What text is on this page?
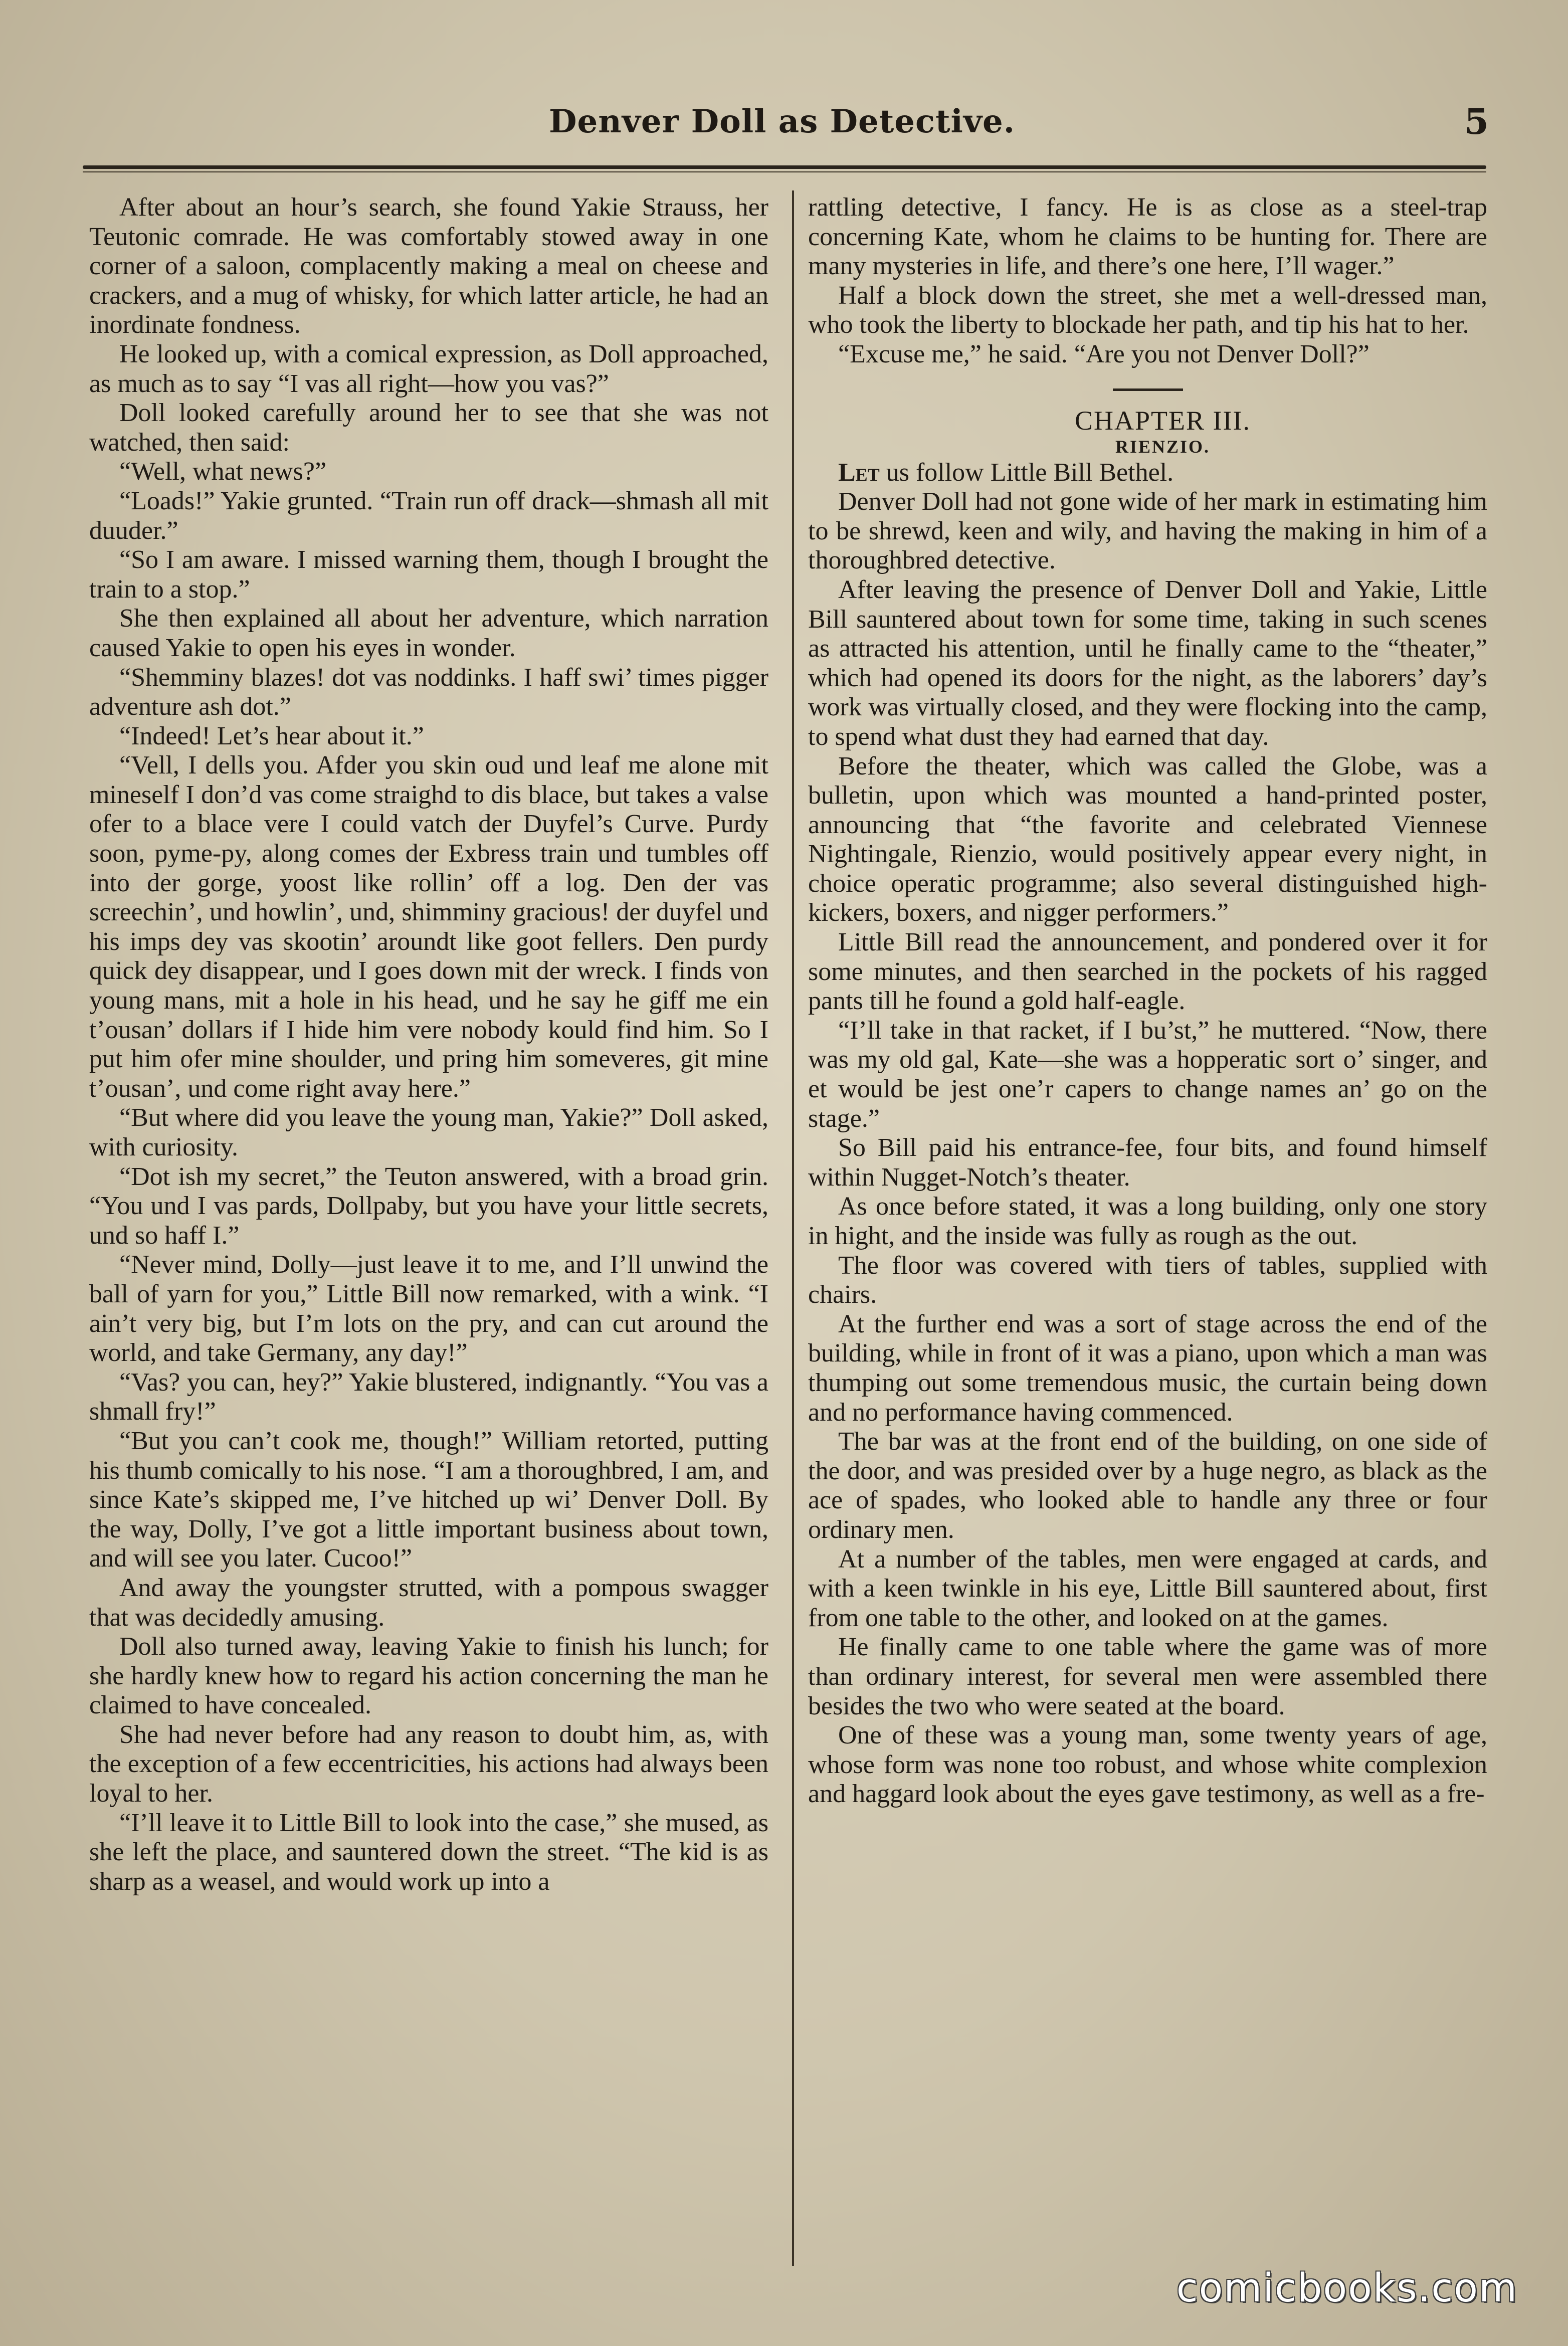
Denver Doll as Detective.	5

After about an hour’s search, she found Yakie Strauss, her Teutonic comrade. He was comfortably stowed away in one corner of a saloon, complacently making a meal on cheese and crackers, and a mug of whisky, for which latter article, he had an inordinate fondness.

He looked up, with a comical expression, as Doll approached, as much as to say “I vas all right—how you vas?”

Doll looked carefully around her to see that she was not watched, then said:

“Well, what news?”

“Loads!” Yakie grunted. “Train run off drack—shmash all mit duuder.”

“So I am aware. I missed warning them, though I brought the train to a stop.”

She then explained all about her adventure, which narration caused Yakie to open his eyes in wonder.

“Shemminy blazes! dot vas noddinks. I haff swi’ times pigger adventure ash dot.”

“Indeed! Let’s hear about it.”

“Vell, I dells you. Afder you skin oud und leaf me alone mit mineself I don’d vas come straighd to dis blace, but takes a valse ofer to a blace vere I could vatch der Duyfel’s Curve. Purdy soon, pyme-py, along comes der Exbress train und tumbles off into der gorge, yoost like rollin’ off a log. Den der vas screechin’, und howlin’, und, shimminy gracious! der duyfel und his imps dey vas skootin’ aroundt like goot fellers. Den purdy quick dey disappear, und I goes down mit der wreck. I finds von young mans, mit a hole in his head, und he say he giff me ein t’ousan’ dollars if I hide him vere nobody kould find him. So I put him ofer mine shoulder, und pring him someveres, git mine t’ousan’, und come right avay here.”

“But where did you leave the young man, Yakie?” Doll asked, with curiosity.

“Dot ish my secret,” the Teuton answered, with a broad grin. “You und I vas pards, Dollpaby, but you have your little secrets, und so haff I.”

“Never mind, Dolly—just leave it to me, and I’ll unwind the ball of yarn for you,” Little Bill now remarked, with a wink. “I ain’t very big, but I’m lots on the pry, and can cut around the world, and take Germany, any day!”

“Vas? you can, hey?” Yakie blustered, indignantly. “You vas a shmall fry!”

“But you can’t cook me, though!” William retorted, putting his thumb comically to his nose. “I am a thoroughbred, I am, and since Kate’s skipped me, I’ve hitched up wi’ Denver Doll. By the way, Dolly, I’ve got a little important business about town, and will see you later. Cucoo!”

And away the youngster strutted, with a pompous swagger that was decidedly amusing.

Doll also turned away, leaving Yakie to finish his lunch; for she hardly knew how to regard his action concerning the man he claimed to have concealed.

She had never before had any reason to doubt him, as, with the exception of a few eccentricities, his actions had always been loyal to her.

“I’ll leave it to Little Bill to look into the case,” she mused, as she left the place, and sauntered down the street. “The kid is as sharp as a weasel, and would work up into a

rattling detective, I fancy. He is as close as a steel-trap concerning Kate, whom he claims to be hunting for. There are many mysteries in life, and there’s one here, I’ll wager.”

Half a block down the street, she met a well-dressed man, who took the liberty to blockade her path, and tip his hat to her.

“Excuse me,” he said. “Are you not Denver Doll?”

CHAPTER III.

RIENZIO.

Let us follow Little Bill Bethel.

Denver Doll had not gone wide of her mark in estimating him to be shrewd, keen and wily, and having the making in him of a thoroughbred detective.

After leaving the presence of Denver Doll and Yakie, Little Bill sauntered about town for some time, taking in such scenes as attracted his attention, until he finally came to the “theater,” which had opened its doors for the night, as the laborers’ day’s work was virtually closed, and they were flocking into the camp, to spend what dust they had earned that day.

Before the theater, which was called the Globe, was a bulletin, upon which was mounted a hand-printed poster, announcing that “the favorite and celebrated Viennese Nightingale, Rienzio, would positively appear every night, in choice operatic programme; also several distinguished high-kickers, boxers, and nigger performers.”

Little Bill read the announcement, and pondered over it for some minutes, and then searched in the pockets of his ragged pants till he found a gold half-eagle.

“I’ll take in that racket, if I bu’st,” he muttered. “Now, there was my old gal, Kate—she was a hopperatic sort o’ singer, and et would be jest one’r capers to change names an’ go on the stage.”

So Bill paid his entrance-fee, four bits, and found himself within Nugget-Notch’s theater.

As once before stated, it was a long building, only one story in hight, and the inside was fully as rough as the out.

The floor was covered with tiers of tables, supplied with chairs.

At the further end was a sort of stage across the end of the building, while in front of it was a piano, upon which a man was thumping out some tremendous music, the curtain being down and no performance having commenced.

The bar was at the front end of the building, on one side of the door, and was presided over by a huge negro, as black as the ace of spades, who looked able to handle any three or four ordinary men.

At a number of the tables, men were engaged at cards, and with a keen twinkle in his eye, Little Bill sauntered about, first from one table to the other, and looked on at the games.

He finally came to one table where the game was of more than ordinary interest, for several men were assembled there besides the two who were seated at the board.

One of these was a young man, some twenty years of age, whose form was none too robust, and whose white complexion and haggard look about the eyes gave testimony, as well as a fre-

comicbooks.com
